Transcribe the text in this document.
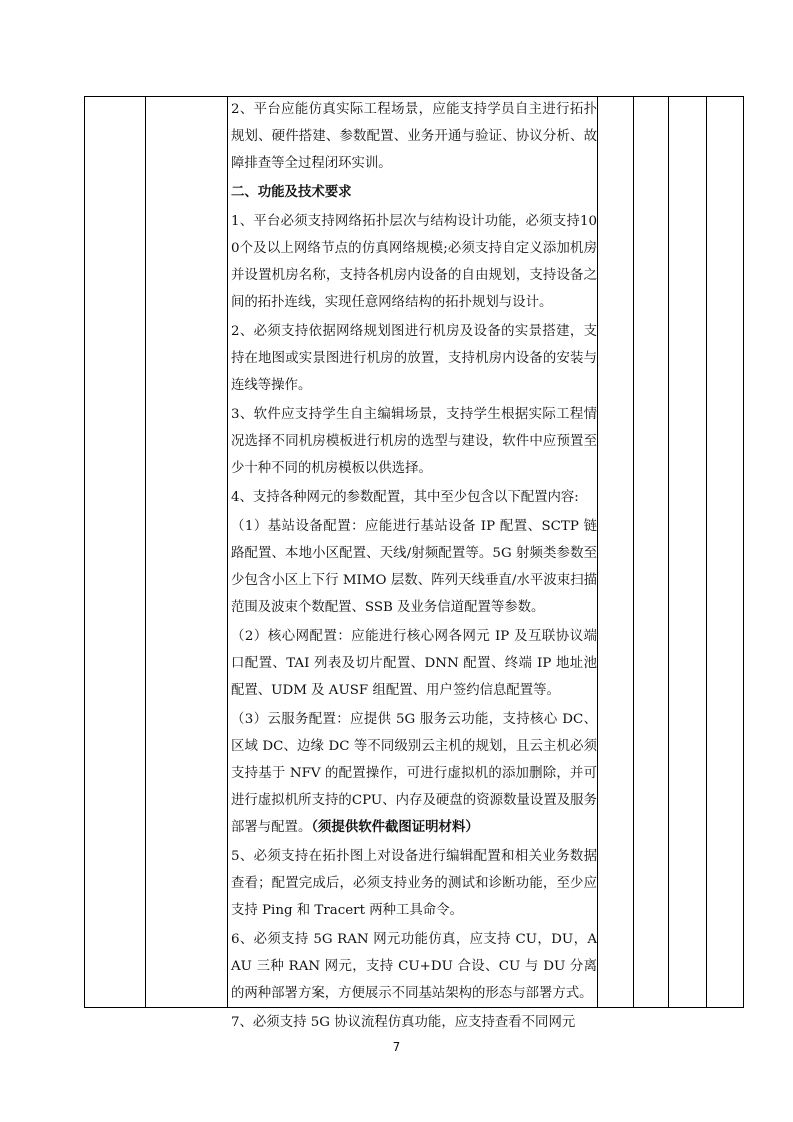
2、平台应能仿真实际工程场景，应能支持学员自主进行拓扑规划、硬件搭建、参数配置、业务开通与验证、协议分析、故障排查等全过程闭环实训。

二、功能及技术要求

1、平台必须支持网络拓扑层次与结构设计功能，必须支持100个及以上网络节点的仿真网络规模;必须支持自定义添加机房并设置机房名称，支持各机房内设备的自由规划，支持设备之间的拓扑连线，实现任意网络结构的拓扑规划与设计。

2、必须支持依据网络规划图进行机房及设备的实景搭建，支持在地图或实景图进行机房的放置，支持机房内设备的安装与连线等操作。

3、软件应支持学生自主编辑场景，支持学生根据实际工程情况选择不同机房模板进行机房的选型与建设，软件中应预置至少十种不同的机房模板以供选择。

4、支持各种网元的参数配置，其中至少包含以下配置内容:

（1）基站设备配置：应能进行基站设备 IP 配置、SCTP 链路配置、本地小区配置、天线/射频配置等。5G 射频类参数至少包含小区上下行 MIMO 层数、阵列天线垂直/水平波束扫描范围及波束个数配置、SSB 及业务信道配置等参数。

（2）核心网配置：应能进行核心网各网元 IP 及互联协议端口配置、TAI 列表及切片配置、DNN 配置、终端 IP 地址池配置、UDM 及 AUSF 组配置、用户签约信息配置等。

（3）云服务配置：应提供 5G 服务云功能，支持核心 DC、区域 DC、边缘 DC 等不同级别云主机的规划，且云主机必须支持基于 NFV 的配置操作，可进行虚拟机的添加删除，并可进行虚拟机所支持的CPU、内存及硬盘的资源数量设置及服务部署与配置。（须提供软件截图证明材料）

5、必须支持在拓扑图上对设备进行编辑配置和相关业务数据查看；配置完成后，必须支持业务的测试和诊断功能，至少应支持 Ping 和 Tracert 两种工具命令。

6、必须支持 5G RAN 网元功能仿真，应支持 CU，DU，AAU 三种 RAN 网元，支持 CU+DU 合设、CU 与 DU 分离的两种部署方案，方便展示不同基站架构的形态与部署方式。

7、必须支持 5G 协议流程仿真功能，应支持查看不同网元

7
